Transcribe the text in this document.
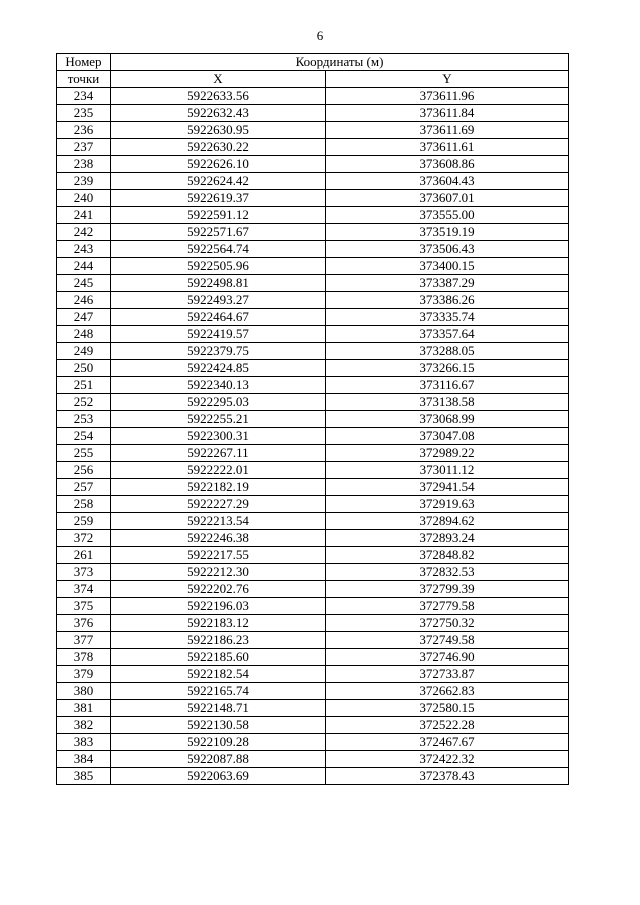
6
Номер	Координаты (м)	
точки	X	Y
234	5922633.56	373611.96
235	5922632.43	373611.84
236	5922630.95	373611.69
237	5922630.22	373611.61
238	5922626.10	373608.86
239	5922624.42	373604.43
240	5922619.37	373607.01
241	5922591.12	373555.00
242	5922571.67	373519.19
243	5922564.74	373506.43
244	5922505.96	373400.15
245	5922498.81	373387.29
246	5922493.27	373386.26
247	5922464.67	373335.74
248	5922419.57	373357.64
249	5922379.75	373288.05
250	5922424.85	373266.15
251	5922340.13	373116.67
252	5922295.03	373138.58
253	5922255.21	373068.99
254	5922300.31	373047.08
255	5922267.11	372989.22
256	5922222.01	373011.12
257	5922182.19	372941.54
258	5922227.29	372919.63
259	5922213.54	372894.62
372	5922246.38	372893.24
261	5922217.55	372848.82
373	5922212.30	372832.53
374	5922202.76	372799.39
375	5922196.03	372779.58
376	5922183.12	372750.32
377	5922186.23	372749.58
378	5922185.60	372746.90
379	5922182.54	372733.87
380	5922165.74	372662.83
381	5922148.71	372580.15
382	5922130.58	372522.28
383	5922109.28	372467.67
384	5922087.88	372422.32
385	5922063.69	372378.43
